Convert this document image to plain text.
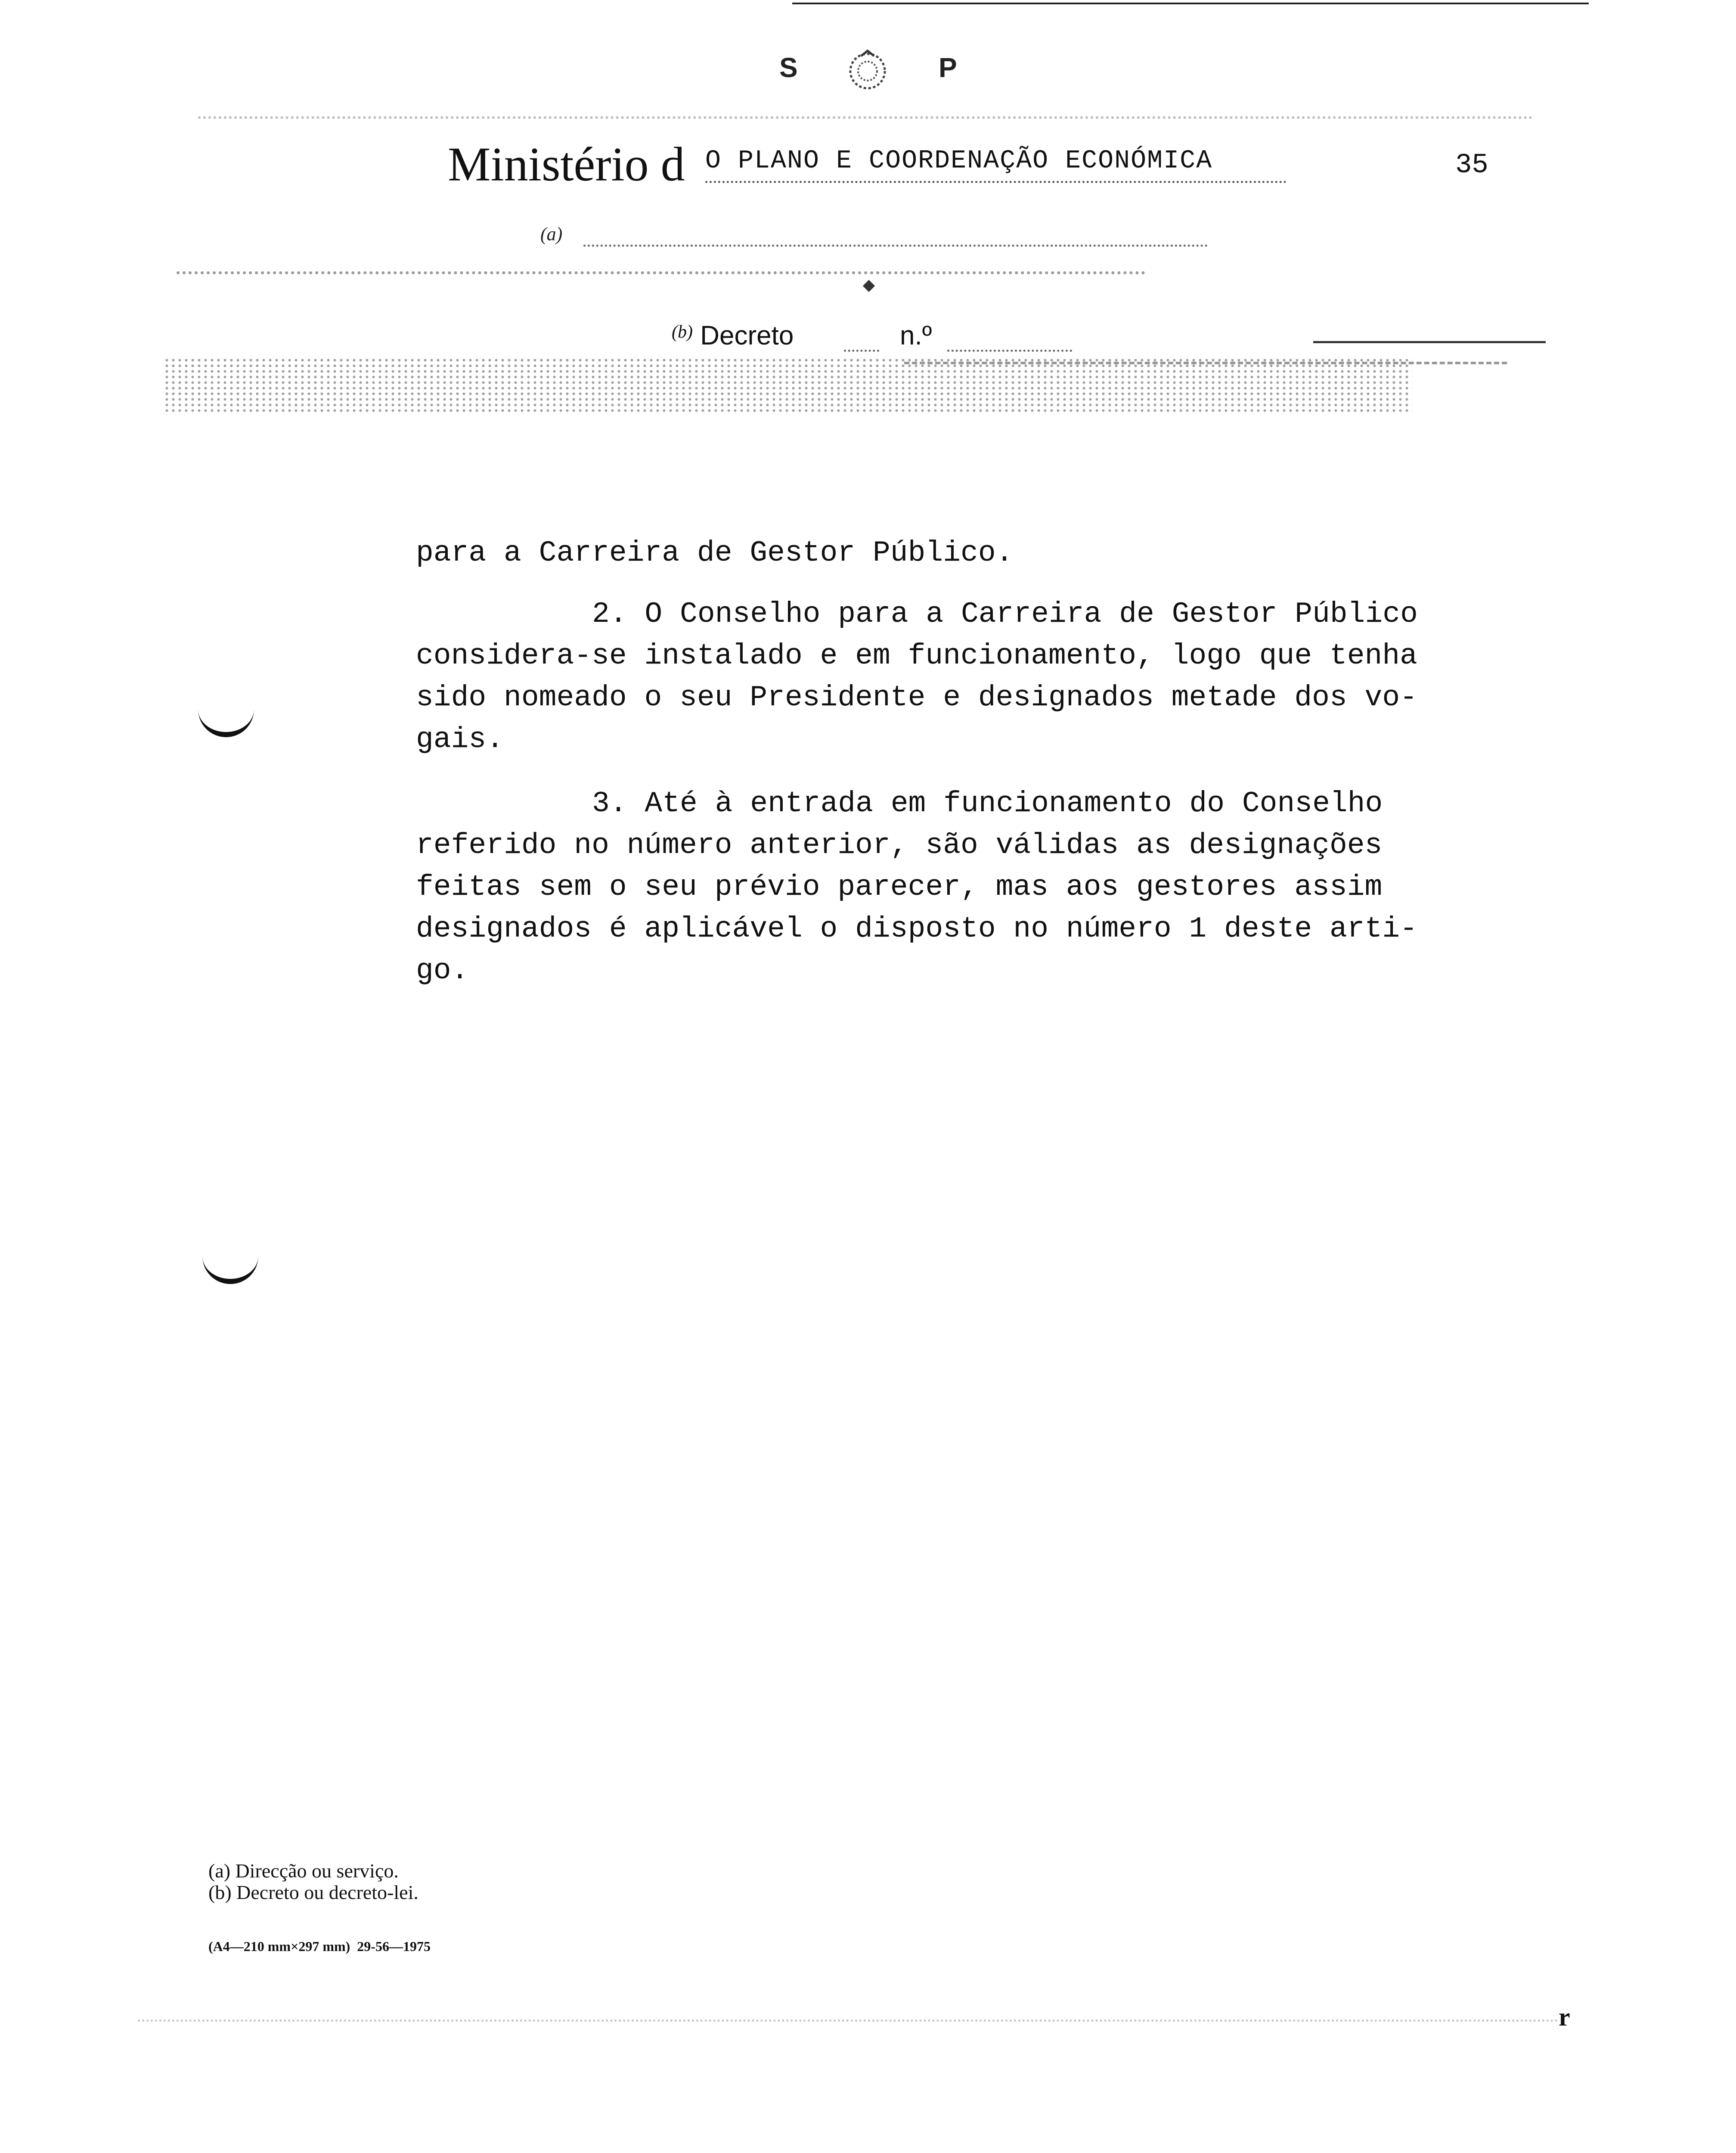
S	P
Ministério d O PLANO E COORDENAÇÃO ECONÓMICA	35
(a)
$^{(b)}$ Decreto	n.º
para a Carreira de Gestor Público.
2. O Conselho para a Carreira de Gestor Público
considera-se instalado e em funcionamento, logo que tenha
sido nomeado o seu Presidente e designados metade dos vo-
gais.
3. Até à entrada em funcionamento do Conselho
referido no número anterior, são válidas as designações
feitas sem o seu prévio parecer, mas aos gestores assim
designados é aplicável o disposto no número 1 deste arti-
go.
(a) Direcção ou serviço.
(b) Decreto ou decreto-lei.
(A4—210 mm×297 mm)  29-56—1975
r
